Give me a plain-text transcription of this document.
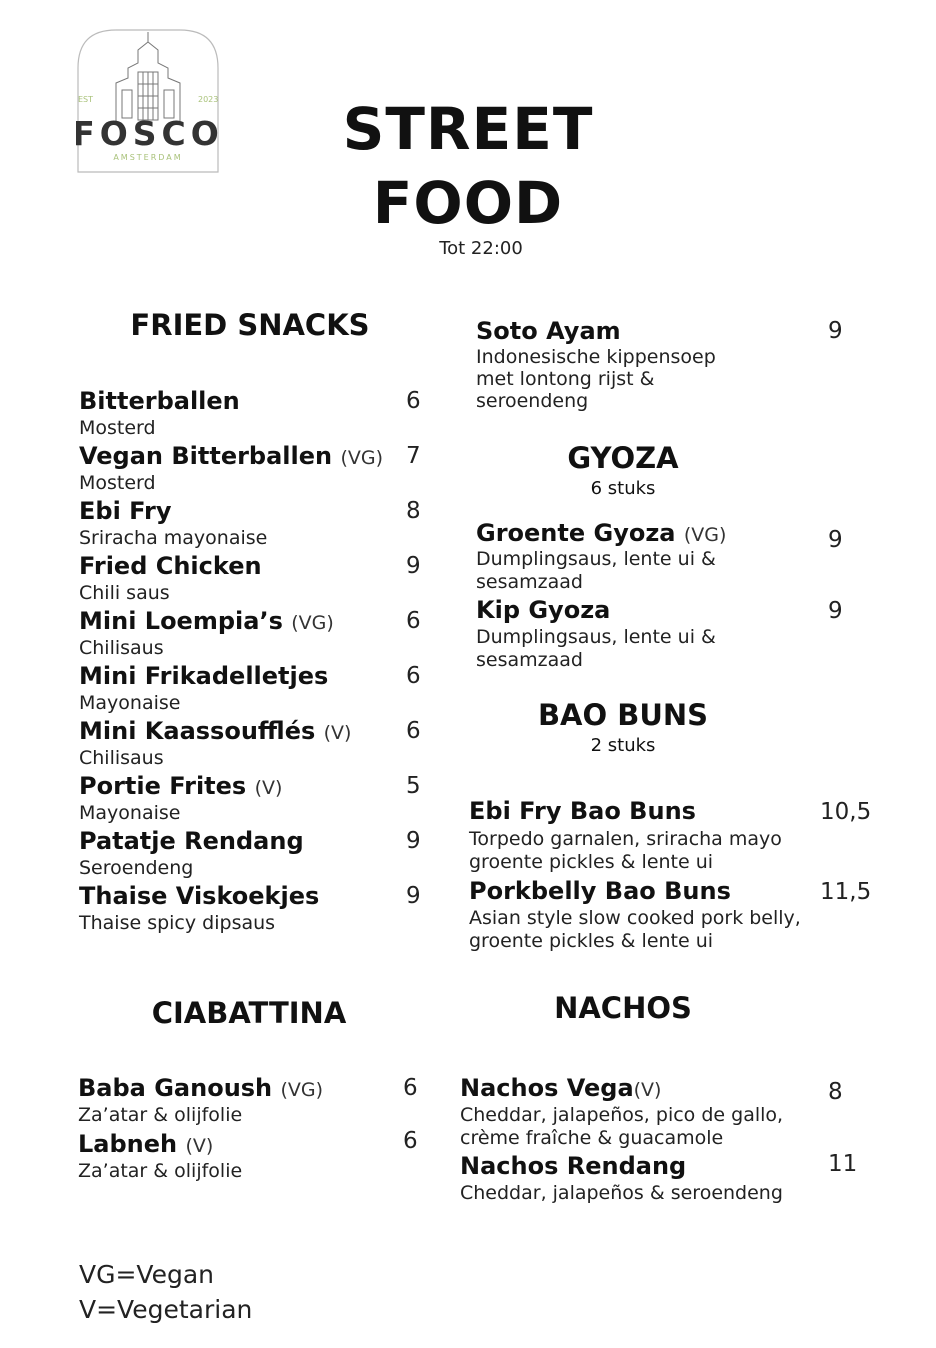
EST	2023
FOSCO
AMSTERDAM	STREET
FOOD
Tot 22:00
FRIED SNACKS
Bitterballen	6
Mosterd
Vegan Bitterballen (VG) 7
Mosterd
Ebi Fry	8
Sriracha mayonaise
Fried Chicken	9
Chili saus
Mini Loempia’s (VG)	6
Chilisaus
Mini Frikadelletjes	6
Mayonaise
Mini Kaassoufflés (V) 6
Chilisaus
Portie Frites (V)	5
Mayonaise
Patatje Rendang	9
Seroendeng
Thaise Viskoekjes	9
Thaise spicy dipsaus
Soto Ayam	9
Indonesische kippensoep
met lontong rijst &
seroendeng
GYOZA
6 stuks
Groente Gyoza (VG)	9
Dumplingsaus, lente ui &
sesamzaad
Kip Gyoza	9
Dumplingsaus, lente ui &
sesamzaad
BAO BUNS
2 stuks
Ebi Fry Bao Buns	10,5
Torpedo garnalen, sriracha mayo
groente pickles & lente ui
Porkbelly Bao Buns	11,5
Asian style slow cooked pork belly,
groente pickles & lente ui
CIABATTINA
Baba Ganoush (VG)	6
Za’atar & olijfolie
Labneh (V)	6
Za’atar & olijfolie
NACHOS
Nachos Vega(V)	8
Cheddar, jalapeños, pico de gallo,
crème fraîche & guacamole
Nachos Rendang	11
Cheddar, jalapeños & seroendeng
VG=Vegan
V=Vegetarian
